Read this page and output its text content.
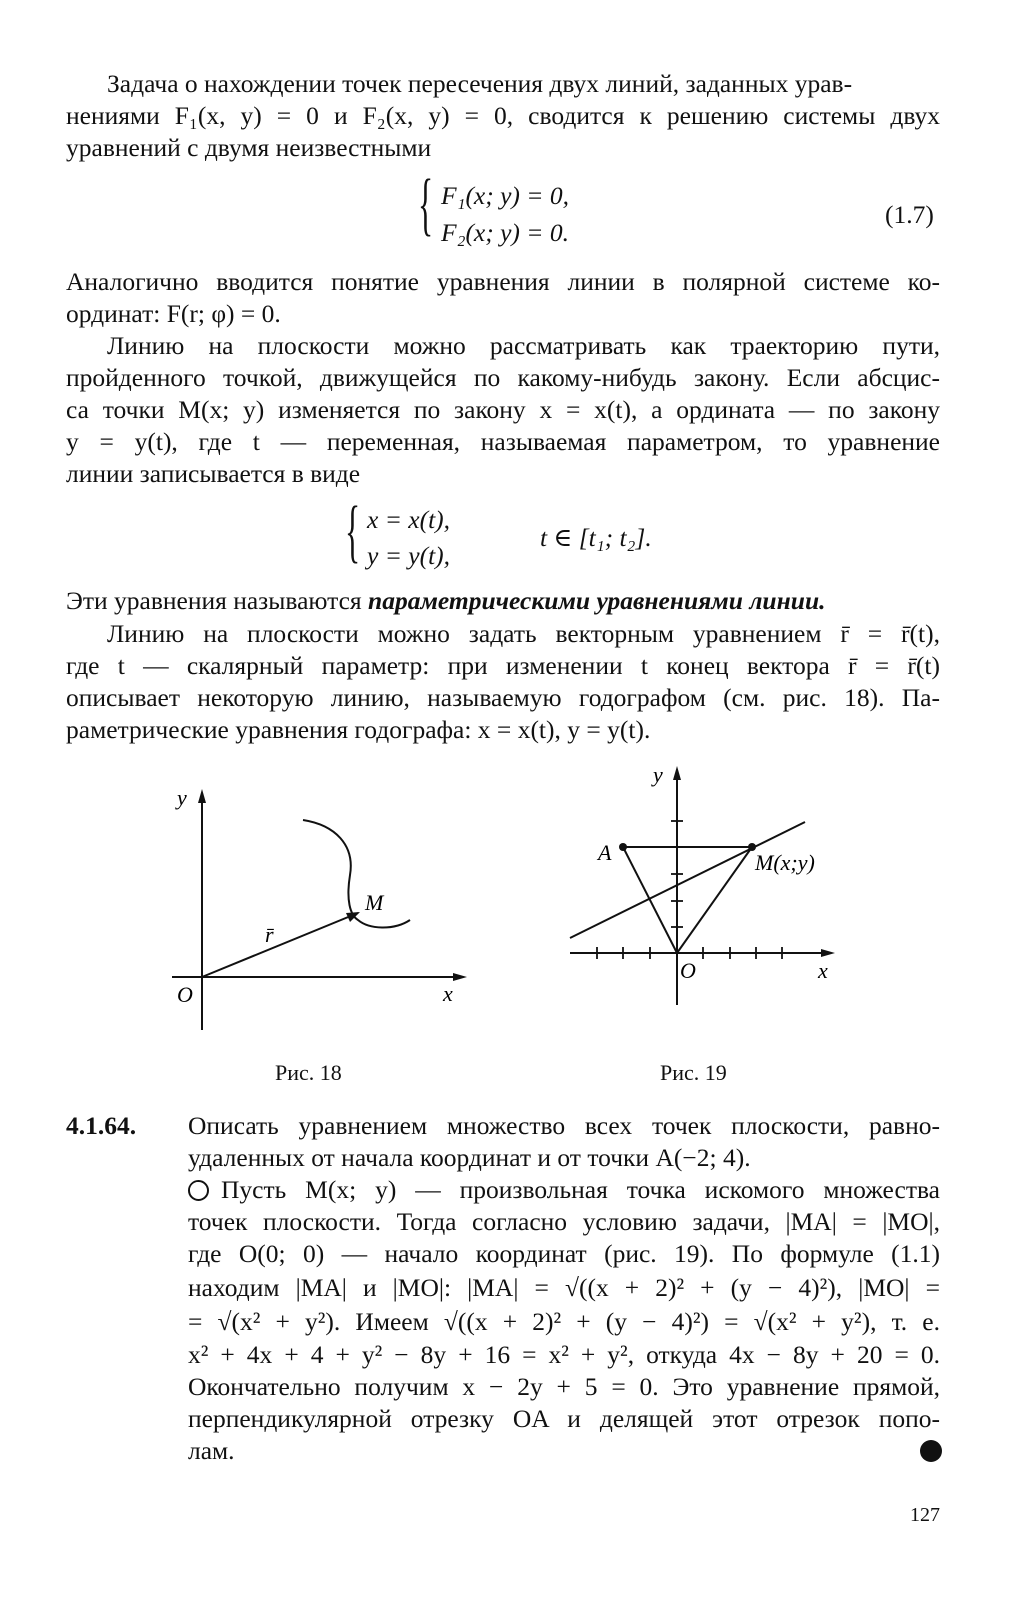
Задача о нахождении точек пересечения двух линий, заданных урав-
нениями F₁(x, y) = 0 и F₂(x, y) = 0, сводится к решению системы двух
уравнений с двумя неизвестными
{ F₁(x; y) = 0,
F₂(x; y) = 0.
(1.7)
Аналогично вводится понятие уравнения линии в полярной системе ко-
ординат: F(r; φ) = 0.
Линию на плоскости можно рассматривать как траекторию пути,
пройденного точкой, движущейся по какому-нибудь закону. Если абсцис-
са точки M(x; y) изменяется по закону x = x(t), а ордината — по закону
y = y(t), где t — переменная, называемая параметром, то уравнение
линии записывается в виде
{ x = x(t),
y = y(t),
t ∈ [t₁; t₂].
Эти уравнения называются параметрическими уравнениями линии.
Линию на плоскости можно задать векторным уравнением r̄ = r̄(t),
где t — скалярный параметр: при изменении t конец вектора r̄ = r̄(t)
описывает некоторую линию, называемую годографом (см. рис. 18). Па-
раметрические уравнения годографа: x = x(t), y = y(t).
y
x
O
r̄
M
Рис. 18
y
x
O
A	M(x;y)
Рис. 19
4.1.64. Описать уравнением множество всех точек плоскости, равно-
удаленных от начала координат и от точки A(−2; 4).
Пусть M(x; y) — произвольная точка искомого множества
точек плоскости. Тогда согласно условию задачи, |MA| = |MO|,
где O(0; 0) — начало координат (рис. 19). По формуле (1.1)
находим |MA| и |MO|: |MA| = √((x + 2)² + (y − 4)²), |MO| =
= √(x² + y²). Имеем √((x + 2)² + (y − 4)²) = √(x² + y²), т. е.
x² + 4x + 4 + y² − 8y + 16 = x² + y², откуда 4x − 8y + 20 = 0.
Окончательно получим x − 2y + 5 = 0. Это уравнение прямой,
перпендикулярной отрезку OA и делящей этот отрезок попо-
лам.
127
